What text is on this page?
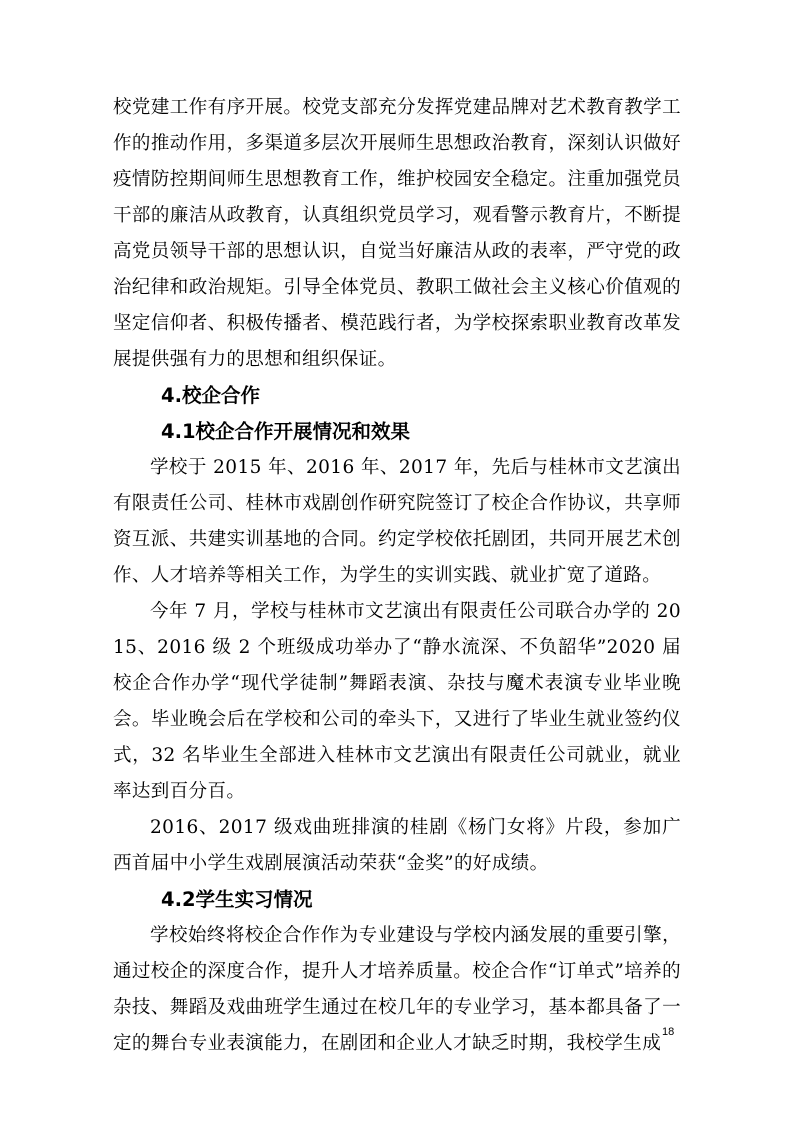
校党建工作有序开展。校党支部充分发挥党建品牌对艺术教育教学工作的推动作用，多渠道多层次开展师生思想政治教育，深刻认识做好疫情防控期间师生思想教育工作，维护校园安全稳定。注重加强党员干部的廉洁从政教育，认真组织党员学习，观看警示教育片，不断提高党员领导干部的思想认识，自觉当好廉洁从政的表率，严守党的政治纪律和政治规矩。引导全体党员、教职工做社会主义核心价值观的坚定信仰者、积极传播者、模范践行者，为学校探索职业教育改革发展提供强有力的思想和组织保证。

4.校企合作
4.1校企合作开展情况和效果

学校于 2015 年、2016 年、2017 年，先后与桂林市文艺演出有限责任公司、桂林市戏剧创作研究院签订了校企合作协议，共享师资互派、共建实训基地的合同。约定学校依托剧团，共同开展艺术创作、人才培养等相关工作，为学生的实训实践、就业扩宽了道路。

今年 7 月，学校与桂林市文艺演出有限责任公司联合办学的 2015、2016 级 2 个班级成功举办了“静水流深、不负韶华”2020 届校企合作办学“现代学徒制”舞蹈表演、杂技与魔术表演专业毕业晚会。毕业晚会后在学校和公司的牵头下，又进行了毕业生就业签约仪式，32 名毕业生全部进入桂林市文艺演出有限责任公司就业，就业率达到百分百。

2016、2017 级戏曲班排演的桂剧《杨门女将》片段，参加广西首届中小学生戏剧展演活动荣获“金奖”的好成绩。

4.2学生实习情况

学校始终将校企合作作为专业建设与学校内涵发展的重要引擎，通过校企的深度合作，提升人才培养质量。校企合作“订单式”培养的杂技、舞蹈及戏曲班学生通过在校几年的专业学习，基本都具备了一定的舞台专业表演能力，在剧团和企业人才缺乏时期，我校学生成

18
